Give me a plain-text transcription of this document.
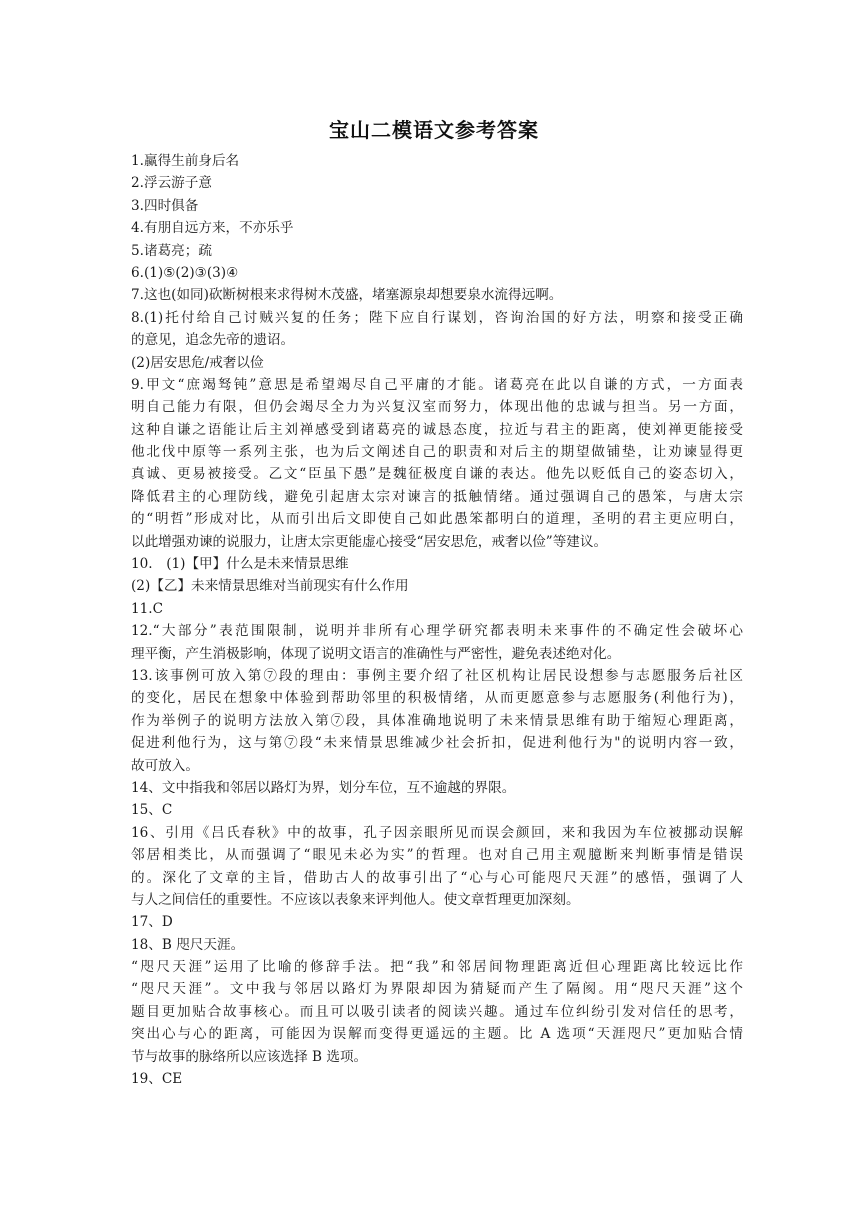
宝山二模语文参考答案
1.赢得生前身后名
2.浮云游子意
3.四时俱备
4.有朋自远方来，不亦乐乎
5.诸葛亮；疏
6.(1)⑤(2)③(3)④
7.这也(如同)砍断树根来求得树木茂盛，堵塞源泉却想要泉水流得远啊。
8.(1)托付给自己讨贼兴复的任务；陛下应自行谋划，咨询治国的好方法，明察和接受正确
的意见，追念先帝的遗诏。
(2)居安思危/戒奢以俭
9.甲文“庶竭驽钝”意思是希望竭尽自己平庸的才能。诸葛亮在此以自谦的方式，一方面表
明自己能力有限，但仍会竭尽全力为兴复汉室而努力，体现出他的忠诚与担当。另一方面，
这种自谦之语能让后主刘禅感受到诸葛亮的诚恳态度，拉近与君主的距离，使刘禅更能接受
他北伐中原等一系列主张，也为后文阐述自己的职责和对后主的期望做铺垫，让劝谏显得更
真诚、更易被接受。乙文“臣虽下愚”是魏征极度自谦的表达。他先以贬低自己的姿态切入，
降低君主的心理防线，避免引起唐太宗对谏言的抵触情绪。通过强调自己的愚笨，与唐太宗
的“明哲”形成对比，从而引出后文即使自己如此愚笨都明白的道理，圣明的君主更应明白，
以此增强劝谏的说服力，让唐太宗更能虚心接受“居安思危，戒奢以俭”等建议。
10.　(1)【甲】什么是未来情景思维
(2)【乙】未来情景思维对当前现实有什么作用
11.C
12.“大部分”表范围限制，说明并非所有心理学研究都表明未来事件的不确定性会破坏心
理平衡，产生消极影响，体现了说明文语言的准确性与严密性，避免表述绝对化。
13.该事例可放入第⑦段的理由：事例主要介绍了社区机构让居民设想参与志愿服务后社区
的变化，居民在想象中体验到帮助邻里的积极情绪，从而更愿意参与志愿服务(利他行为)，
作为举例子的说明方法放入第⑦段，具体准确地说明了未来情景思维有助于缩短心理距离，
促进利他行为，这与第⑦段“未来情景思维减少社会折扣，促进利他行为"的说明内容一致，
故可放入。
14、文中指我和邻居以路灯为界，划分车位，互不逾越的界限。
15、C
16、引用《吕氏春秋》中的故事，孔子因亲眼所见而误会颜回，来和我因为车位被挪动误解
邻居相类比，从而强调了“眼见未必为实”的哲理。也对自己用主观臆断来判断事情是错误
的。深化了文章的主旨，借助古人的故事引出了“心与心可能咫尺天涯”的感悟，强调了人
与人之间信任的重要性。不应该以表象来评判他人。使文章哲理更加深刻。
17、D
18、B 咫尺天涯。
“咫尺天涯”运用了比喻的修辞手法。把“我”和邻居间物理距离近但心理距离比较远比作
“咫尺天涯”。文中我与邻居以路灯为界限却因为猜疑而产生了隔阂。用“咫尺天涯”这个
题目更加贴合故事核心。而且可以吸引读者的阅读兴趣。通过车位纠纷引发对信任的思考，
突出心与心的距离，可能因为误解而变得更遥远的主题。比 A 选项“天涯咫尺”更加贴合情
节与故事的脉络所以应该选择 B 选项。
19、CE
